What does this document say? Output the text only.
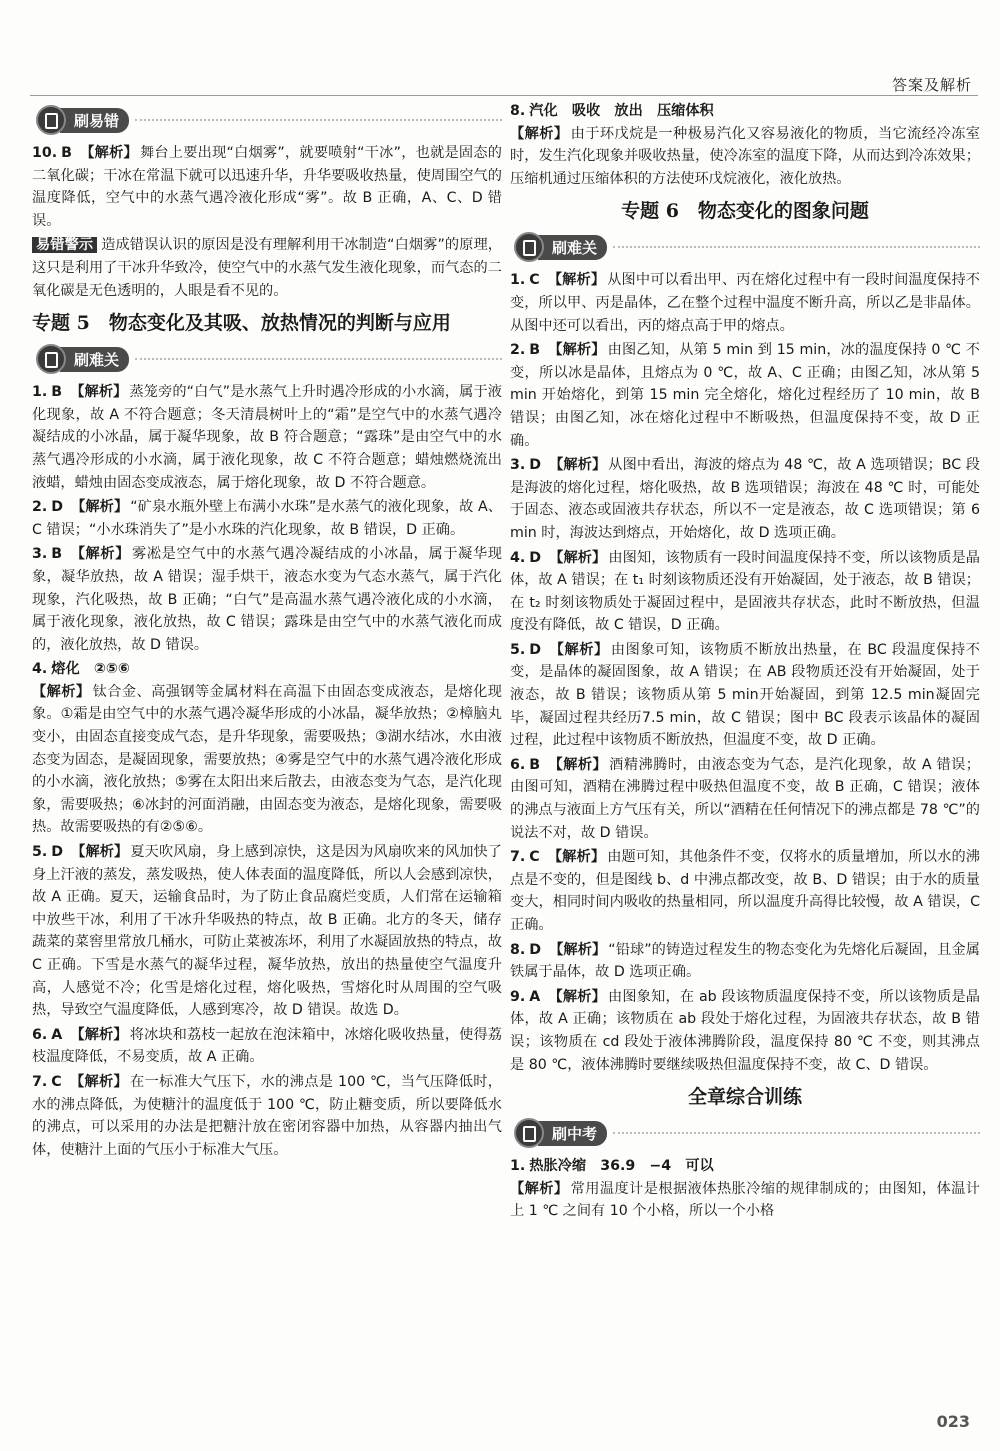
答案及解析
刷易错
10. B 【解析】 舞台上要出现“白烟雾”，就要喷射“干冰”，也就是固态的二氧化碳；干冰在常温下就可以迅速升华，升华要吸收热量，使周围空气的温度降低，空气中的水蒸气遇冷液化形成“雾”。故 B 正确，A、C、D 错误。
易错警示 造成错误认识的原因是没有理解利用干冰制造“白烟雾”的原理，这只是利用了干冰升华致冷，使空气中的水蒸气发生液化现象，而气态的二氧化碳是无色透明的，人眼是看不见的。
专题 5　物态变化及其吸、放热情况的判断与应用
刷难关
1. B 【解析】 蒸笼旁的“白气”是水蒸气上升时遇冷形成的小水滴，属于液化现象，故 A 不符合题意；冬天清晨树叶上的“霜”是空气中的水蒸气遇冷凝结成的小冰晶，属于凝华现象，故 B 符合题意；“露珠”是由空气中的水蒸气遇冷形成的小水滴，属于液化现象，故 C 不符合题意；蜡烛燃烧流出液蜡，蜡烛由固态变成液态，属于熔化现象，故 D 不符合题意。
2. D 【解析】 “矿泉水瓶外壁上布满小水珠”是水蒸气的液化现象，故 A、C 错误；“小水珠消失了”是小水珠的汽化现象，故 B 错误，D 正确。
3. B 【解析】 雾凇是空气中的水蒸气遇冷凝结成的小冰晶，属于凝华现象，凝华放热，故 A 错误；湿手烘干，液态水变为气态水蒸气，属于汽化现象，汽化吸热，故 B 正确；“白气”是高温水蒸气遇冷液化成的小水滴，属于液化现象，液化放热，故 C 错误；露珠是由空气中的水蒸气液化而成的，液化放热，故 D 错误。
4. 熔化　②⑤⑥
【解析】 钛合金、高强钢等金属材料在高温下由固态变成液态，是熔化现象。①霜是由空气中的水蒸气遇冷凝华形成的小冰晶，凝华放热；②樟脑丸变小，由固态直接变成气态，是升华现象，需要吸热；③湖水结冰，水由液态变为固态，是凝固现象，需要放热；④雾是空气中的水蒸气遇冷液化形成的小水滴，液化放热；⑤雾在太阳出来后散去，由液态变为气态，是汽化现象，需要吸热；⑥冰封的河面消融，由固态变为液态，是熔化现象，需要吸热。故需要吸热的有②⑤⑥。
5. D 【解析】 夏天吹风扇，身上感到凉快，这是因为风扇吹来的风加快了身上汗液的蒸发，蒸发吸热，使人体表面的温度降低，所以人会感到凉快，故 A 正确。夏天，运输食品时，为了防止食品腐烂变质，人们常在运输箱中放些干冰，利用了干冰升华吸热的特点，故 B 正确。北方的冬天，储存蔬菜的菜窖里常放几桶水，可防止菜被冻坏，利用了水凝固放热的特点，故 C 正确。下雪是水蒸气的凝华过程，凝华放热，放出的热量使空气温度升高，人感觉不冷；化雪是熔化过程，熔化吸热，雪熔化时从周围的空气吸热，导致空气温度降低，人感到寒冷，故 D 错误。故选 D。
6. A 【解析】 将冰块和荔枝一起放在泡沫箱中，冰熔化吸收热量，使得荔枝温度降低，不易变质，故 A 正确。
7. C 【解析】 在一标准大气压下，水的沸点是 100 ℃，当气压降低时，水的沸点降低，为使糖汁的温度低于 100 ℃，防止糖变质，所以要降低水的沸点，可以采用的办法是把糖汁放在密闭容器中加热，从容器内抽出气体，使糖汁上面的气压小于标准大气压。
8. 汽化　吸收　放出　压缩体积
【解析】 由于环戊烷是一种极易汽化又容易液化的物质，当它流经冷冻室时，发生汽化现象并吸收热量，使冷冻室的温度下降，从而达到冷冻效果；压缩机通过压缩体积的方法使环戊烷液化，液化放热。
专题 6　物态变化的图象问题
刷难关
1. C 【解析】 从图中可以看出甲、丙在熔化过程中有一段时间温度保持不变，所以甲、丙是晶体，乙在整个过程中温度不断升高，所以乙是非晶体。从图中还可以看出，丙的熔点高于甲的熔点。
2. B 【解析】 由图乙知，从第 5 min 到 15 min，冰的温度保持 0 ℃ 不变，所以冰是晶体，且熔点为 0 ℃，故 A、C 正确；由图乙知，冰从第 5 min 开始熔化，到第 15 min 完全熔化，熔化过程经历了 10 min，故 B 错误；由图乙知，冰在熔化过程中不断吸热，但温度保持不变，故 D 正确。
3. D 【解析】 从图中看出，海波的熔点为 48 ℃，故 A 选项错误；BC 段是海波的熔化过程，熔化吸热，故 B 选项错误；海波在 48 ℃ 时，可能处于固态、液态或固液共存状态，所以不一定是液态，故 C 选项错误；第 6 min 时，海波达到熔点，开始熔化，故 D 选项正确。
4. D 【解析】 由图知，该物质有一段时间温度保持不变，所以该物质是晶体，故 A 错误；在 t₁ 时刻该物质还没有开始凝固，处于液态，故 B 错误；在 t₂ 时刻该物质处于凝固过程中，是固液共存状态，此时不断放热，但温度没有降低，故 C 错误，D 正确。
5. D 【解析】 由图象可知，该物质不断放出热量，在 BC 段温度保持不变，是晶体的凝固图象，故 A 错误；在 AB 段物质还没有开始凝固，处于液态，故 B 错误；该物质从第 5 min开始凝固，到第 12.5 min凝固完毕，凝固过程共经历7.5 min，故 C 错误；图中 BC 段表示该晶体的凝固过程，此过程中该物质不断放热，但温度不变，故 D 正确。
6. B 【解析】 酒精沸腾时，由液态变为气态，是汽化现象，故 A 错误；由图可知，酒精在沸腾过程中吸热但温度不变，故 B 正确，C 错误；液体的沸点与液面上方气压有关，所以“酒精在任何情况下的沸点都是 78 ℃”的说法不对，故 D 错误。
7. C 【解析】 由题可知，其他条件不变，仅将水的质量增加，所以水的沸点是不变的，但是图线 b、d 中沸点都改变，故 B、D 错误；由于水的质量变大，相同时间内吸收的热量相同，所以温度升高得比较慢，故 A 错误，C 正确。
8. D 【解析】 “铅球”的铸造过程发生的物态变化为先熔化后凝固，且金属铁属于晶体，故 D 选项正确。
9. A 【解析】 由图象知，在 ab 段该物质温度保持不变，所以该物质是晶体，故 A 正确；该物质在 ab 段处于熔化过程，为固液共存状态，故 B 错误；该物质在 cd 段处于液体沸腾阶段，温度保持 80 ℃ 不变，则其沸点是 80 ℃，液体沸腾时要继续吸热但温度保持不变，故 C、D 错误。
全章综合训练
刷中考
1. 热胀冷缩　36.9　−4　可以
【解析】 常用温度计是根据液体热胀冷缩的规律制成的；由图知，体温计上 1 ℃ 之间有 10 个小格，所以一个小格
023
